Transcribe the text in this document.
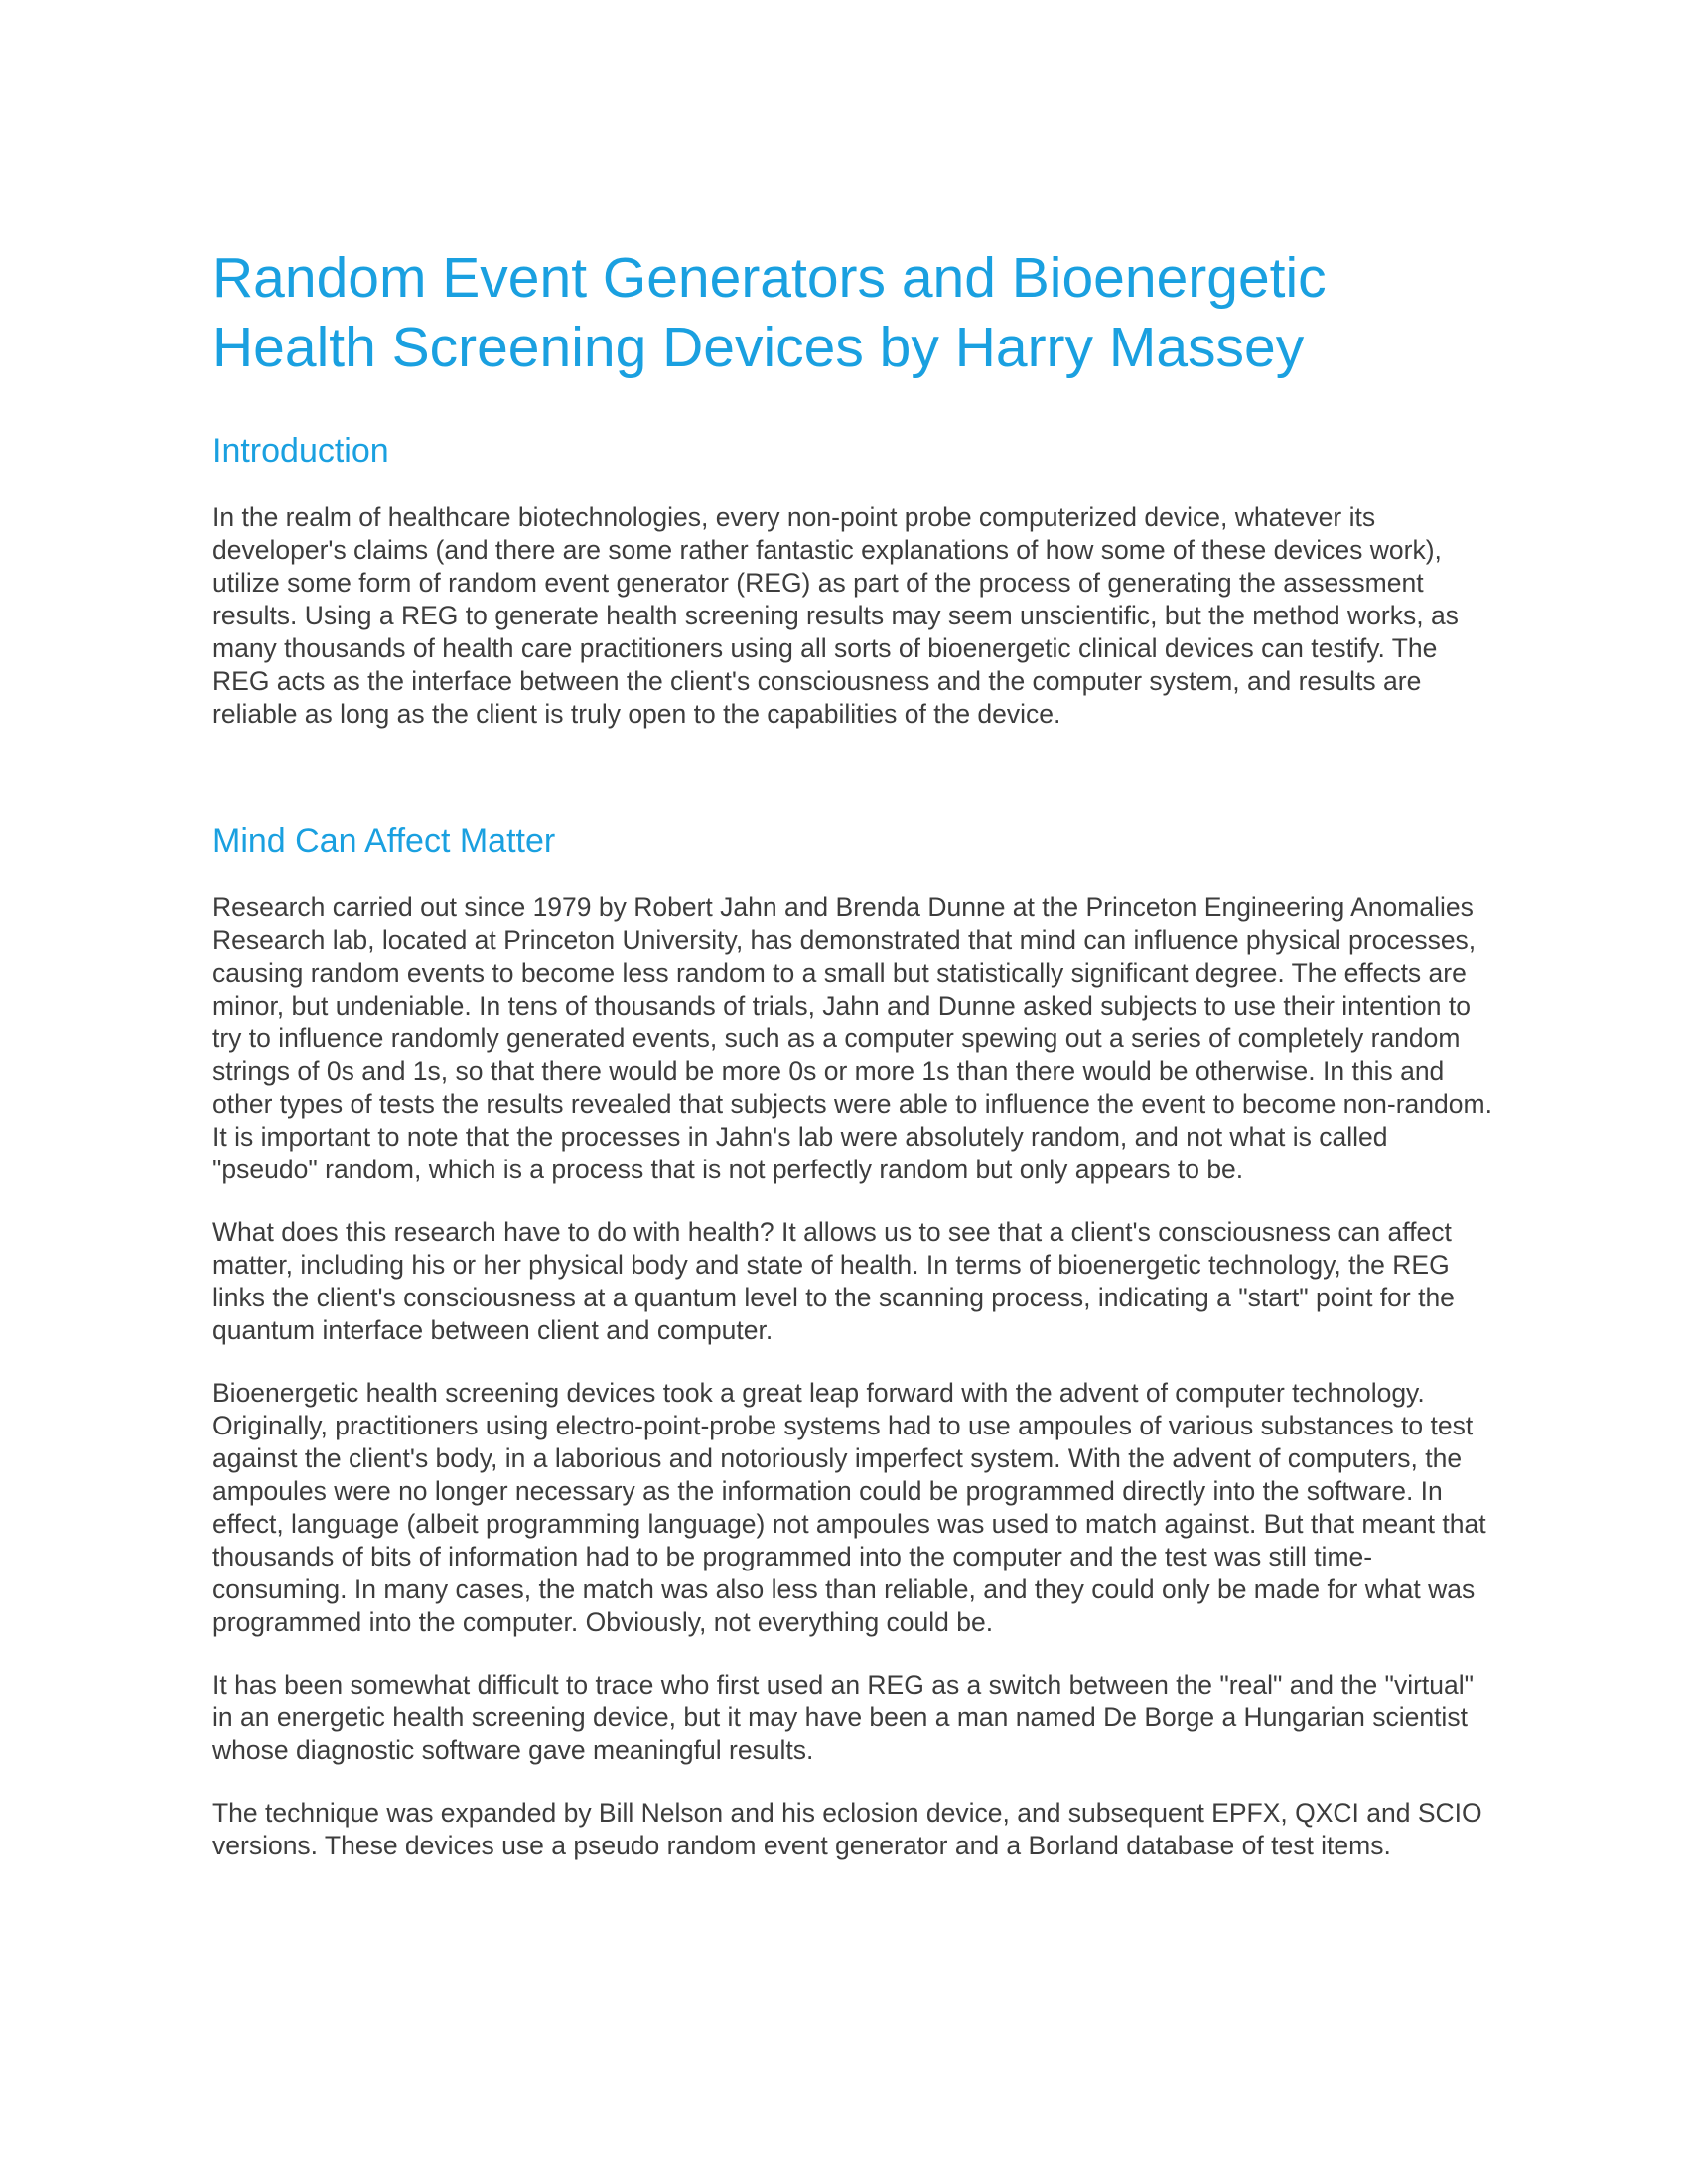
Random Event Generators and Bioenergetic Health Screening Devices by Harry Massey
Introduction

In the realm of healthcare biotechnologies, every non-point probe computerized device, whatever its developer's claims (and there are some rather fantastic explanations of how some of these devices work), utilize some form of random event generator (REG) as part of the process of generating the assessment results. Using a REG to generate health screening results may seem unscientific, but the method works, as many thousands of health care practitioners using all sorts of bioenergetic clinical devices can testify. The REG acts as the interface between the client's consciousness and the computer system, and results are reliable as long as the client is truly open to the capabilities of the device.

Mind Can Affect Matter

Research carried out since 1979 by Robert Jahn and Brenda Dunne at the Princeton Engineering Anomalies Research lab, located at Princeton University, has demonstrated that mind can influence physical processes, causing random events to become less random to a small but statistically significant degree. The effects are minor, but undeniable. In tens of thousands of trials, Jahn and Dunne asked subjects to use their intention to try to influence randomly generated events, such as a computer spewing out a series of completely random strings of 0s and 1s, so that there would be more 0s or more 1s than there would be otherwise. In this and other types of tests the results revealed that subjects were able to influence the event to become non-random. It is important to note that the processes in Jahn's lab were absolutely random, and not what is called "pseudo" random, which is a process that is not perfectly random but only appears to be.

What does this research have to do with health? It allows us to see that a client's consciousness can affect matter, including his or her physical body and state of health. In terms of bioenergetic technology, the REG links the client's consciousness at a quantum level to the scanning process, indicating a "start" point for the quantum interface between client and computer.

Bioenergetic health screening devices took a great leap forward with the advent of computer technology. Originally, practitioners using electro-point-probe systems had to use ampoules of various substances to test against the client's body, in a laborious and notoriously imperfect system. With the advent of computers, the ampoules were no longer necessary as the information could be programmed directly into the software. In effect, language (albeit programming language) not ampoules was used to match against. But that meant that thousands of bits of information had to be programmed into the computer and the test was still time-consuming. In many cases, the match was also less than reliable, and they could only be made for what was programmed into the computer. Obviously, not everything could be.

It has been somewhat difficult to trace who first used an REG as a switch between the "real" and the "virtual" in an energetic health screening device, but it may have been a man named De Borge a Hungarian scientist whose diagnostic software gave meaningful results.

The technique was expanded by Bill Nelson and his eclosion device, and subsequent EPFX, QXCI and SCIO versions. These devices use a pseudo random event generator and a Borland database of test items.
